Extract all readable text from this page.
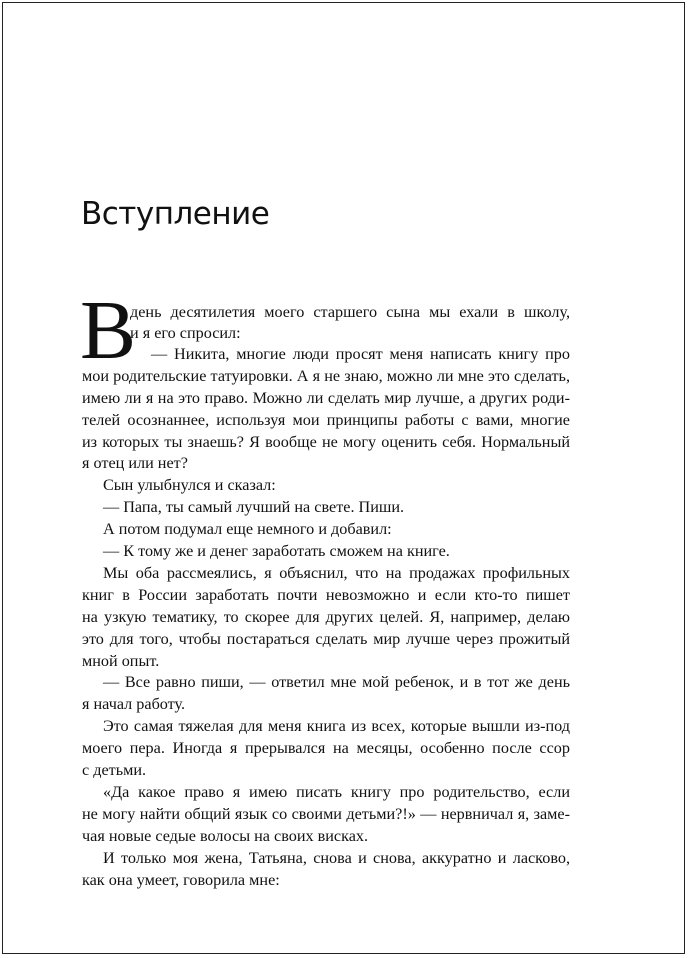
Вступление
В
день десятилетия моего старшего сына мы ехали в школу,
и я его спросил:
— Никита, многие люди просят меня написать книгу про
мои родительские татуировки. А я не знаю, можно ли мне это сделать,
имею ли я на это право. Можно ли сделать мир лучше, а других роди-
телей осознаннее, используя мои принципы работы с вами, многие
из которых ты знаешь? Я вообще не могу оценить себя. Нормальный
я отец или нет?
Сын улыбнулся и сказал:
— Папа, ты самый лучший на свете. Пиши.
А потом подумал еще немного и добавил:
— К тому же и денег заработать сможем на книге.
Мы оба рассмеялись, я объяснил, что на продажах профильных
книг в России заработать почти невозможно и если кто-то пишет
на узкую тематику, то скорее для других целей. Я, например, делаю
это для того, чтобы постараться сделать мир лучше через прожитый
мной опыт.
— Все равно пиши, — ответил мне мой ребенок, и в тот же день
я начал работу.
Это самая тяжелая для меня книга из всех, которые вышли из-под
моего пера. Иногда я прерывался на месяцы, особенно после ссор
с детьми.
«Да какое право я имею писать книгу про родительство, если
не могу найти общий язык со своими детьми?!» — нервничал я, заме-
чая новые седые волосы на своих висках.
И только моя жена, Татьяна, снова и снова, аккуратно и ласково,
как она умеет, говорила мне:
